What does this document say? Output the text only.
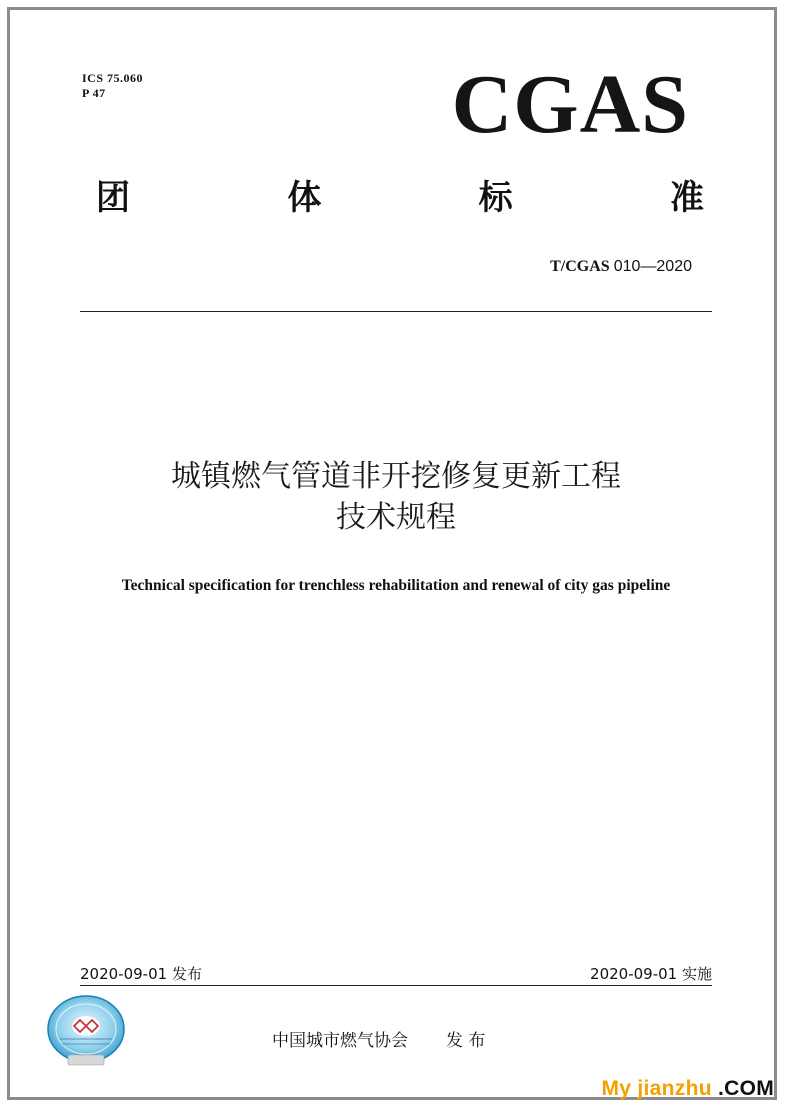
ICS 75.060
P 47	CGAS
团	体	标	准
T/CGAS 010—2020
城镇燃气管道非开挖修复更新工程
技术规程
Technical specification for trenchless rehabilitation and renewal of city gas pipeline
2020-09-01 发布	2020-09-01 实施
中国城市燃气协会 发 布
My jianzhu .COM
